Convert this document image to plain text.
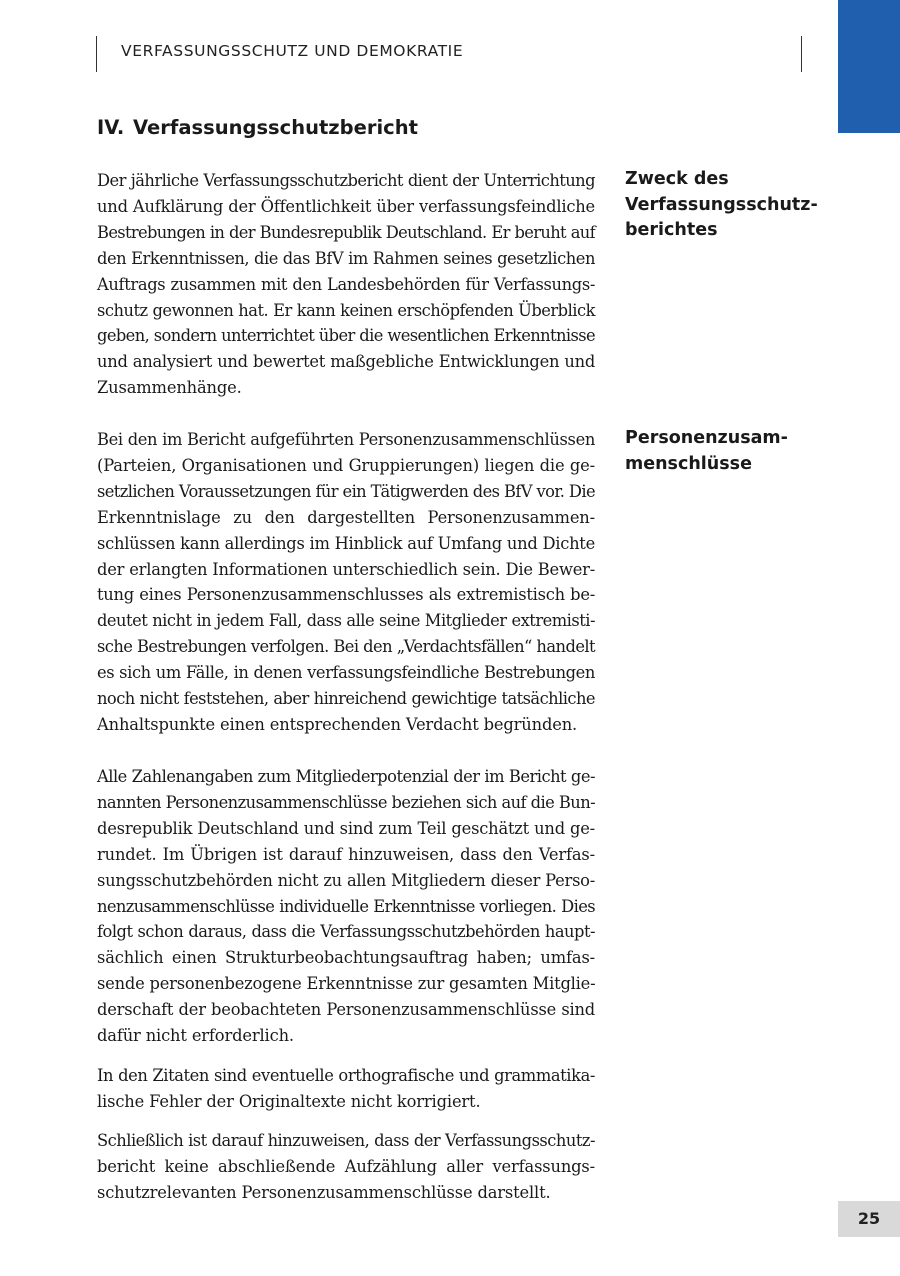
VERFASSUNGSSCHUTZ UND DEMOKRATIE
IV. Verfassungsschutzbericht
Der jährliche Verfassungsschutzbericht dient der Unterrichtung
und Aufklärung der Öffentlichkeit über verfassungsfeindliche
Bestrebungen in der Bundesrepublik Deutschland. Er beruht auf
den Erkenntnissen, die das BfV im Rahmen seines gesetzlichen
Auftrags zusammen mit den Landesbehörden für Verfassungs-
schutz gewonnen hat. Er kann keinen erschöpfenden Überblick
geben, sondern unterrichtet über die wesentlichen Erkenntnisse
und analysiert und bewertet maßgebliche Entwicklungen und
Zusammenhänge.
Zweck des
Verfassungsschutz-
berichtes
Bei den im Bericht aufgeführten Personenzusammenschlüssen
(Parteien, Organisationen und Gruppierungen) liegen die ge-
setzlichen Voraussetzungen für ein Tätigwerden des BfV vor. Die
Erkenntnislage zu den dargestellten Personenzusammen-
schlüssen kann allerdings im Hinblick auf Umfang und Dichte
der erlangten Informationen unterschiedlich sein. Die Bewer-
tung eines Personenzusammenschlusses als extremistisch be-
deutet nicht in jedem Fall, dass alle seine Mitglieder extremisti-
sche Bestrebungen verfolgen. Bei den „Verdachtsfällen“ handelt
es sich um Fälle, in denen verfassungsfeindliche Bestrebungen
noch nicht feststehen, aber hinreichend gewichtige tatsächliche
Anhaltspunkte einen entsprechenden Verdacht begründen.
Personenzusam-
menschlüsse
Alle Zahlenangaben zum Mitgliederpotenzial der im Bericht ge-
nannten Personenzusammenschlüsse beziehen sich auf die Bun-
desrepublik Deutschland und sind zum Teil geschätzt und ge-
rundet. Im Übrigen ist darauf hinzuweisen, dass den Verfas-
sungsschutzbehörden nicht zu allen Mitgliedern dieser Perso-
nenzusammenschlüsse individuelle Erkenntnisse vorliegen. Dies
folgt schon daraus, dass die Verfassungsschutzbehörden haupt-
sächlich einen Strukturbeobachtungsauftrag haben; umfas-
sende personenbezogene Erkenntnisse zur gesamten Mitglie-
derschaft der beobachteten Personenzusammenschlüsse sind
dafür nicht erforderlich.
In den Zitaten sind eventuelle orthografische und grammatika-
lische Fehler der Originaltexte nicht korrigiert.
Schließlich ist darauf hinzuweisen, dass der Verfassungsschutz-
bericht keine abschließende Aufzählung aller verfassungs-
schutzrelevanten Personenzusammenschlüsse darstellt.
25
